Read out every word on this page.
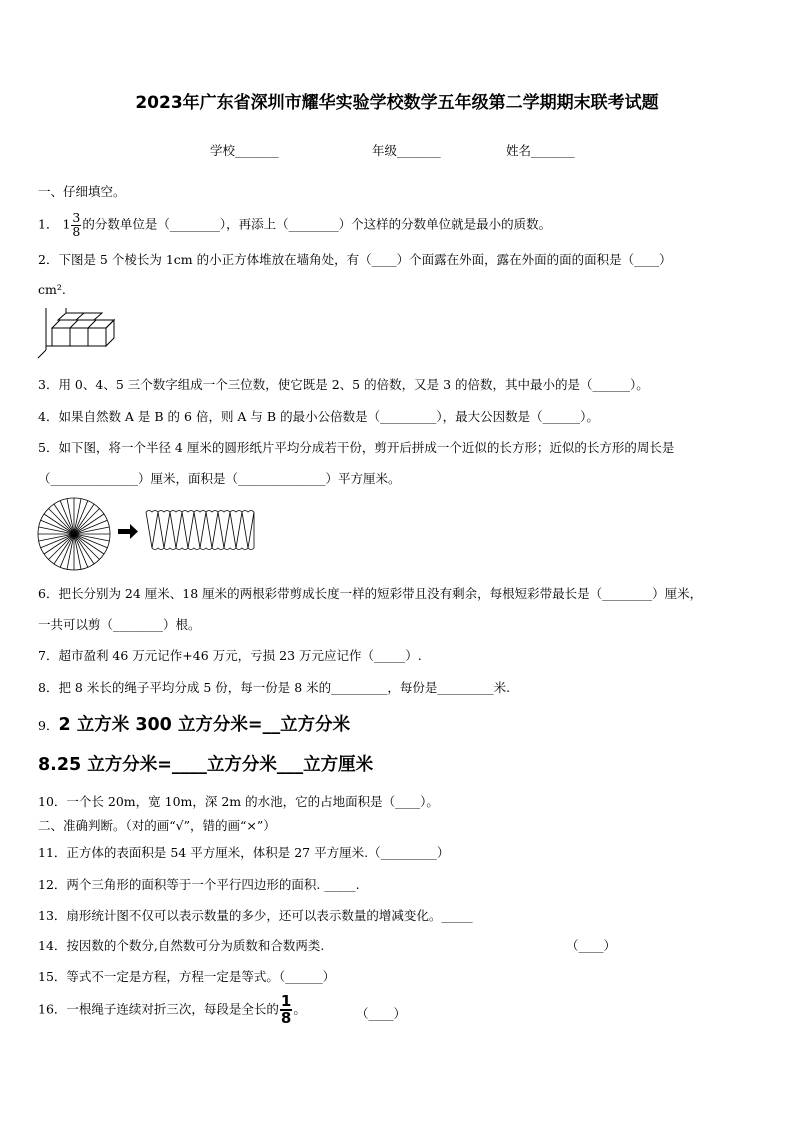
2023年广东省深圳市耀华实验学校数学五年级第二学期期末联考试题
学校_______	年级_______	姓名_______
一、仔细填空。
1． $1 \frac{3}{8}$ 的分数单位是（________），再添上（________）个这样的分数单位就是最小的质数。
2．下图是 5 个棱长为 1cm 的小正方体堆放在墙角处，有（____）个面露在外面，露在外面的面的面积是（____）
cm².
3．用 0、4、5 三个数字组成一个三位数，使它既是 2、5 的倍数，又是 3 的倍数，其中最小的是（______）。
4．如果自然数 A 是 B 的 6 倍，则 A 与 B 的最小公倍数是（_________），最大公因数是（______）。
5．如下图，将一个半径 4 厘米的圆形纸片平均分成若干份，剪开后拼成一个近似的长方形；近似的长方形的周长是
（______________）厘米，面积是（______________）平方厘米。
6．把长分别为 24 厘米、18 厘米的两根彩带剪成长度一样的短彩带且没有剩余，每根短彩带最长是（________）厘米，
一共可以剪（________）根。
7．超市盈利 46 万元记作+46 万元，亏损 23 万元应记作（_____）.
8．把 8 米长的绳子平均分成 5 份，每一份是 8 米的_________，每份是_________米.
9．2 立方米 300 立方分米=__立方分米
8.25 立方分米=____立方分米___立方厘米
10．一个长 20m，宽 10m，深 2m 的水池，它的占地面积是（____）。
二、准确判断。（对的画“√”，错的画“×”）
11．正方体的表面积是 54 平方厘米，体积是 27 平方厘米.（_________）
12．两个三角形的面积等于一个平行四边形的面积. _____.
13．扇形统计图不仅可以表示数量的多少，还可以表示数量的增减变化。_____
14．按因数的个数分,自然数可分为质数和合数两类.	（____）
15．等式不一定是方程，方程一定是等式。（______）
16．一根绳子连续对折三次，每段是全长的 $\frac{1}{8}$ 。	（____）
